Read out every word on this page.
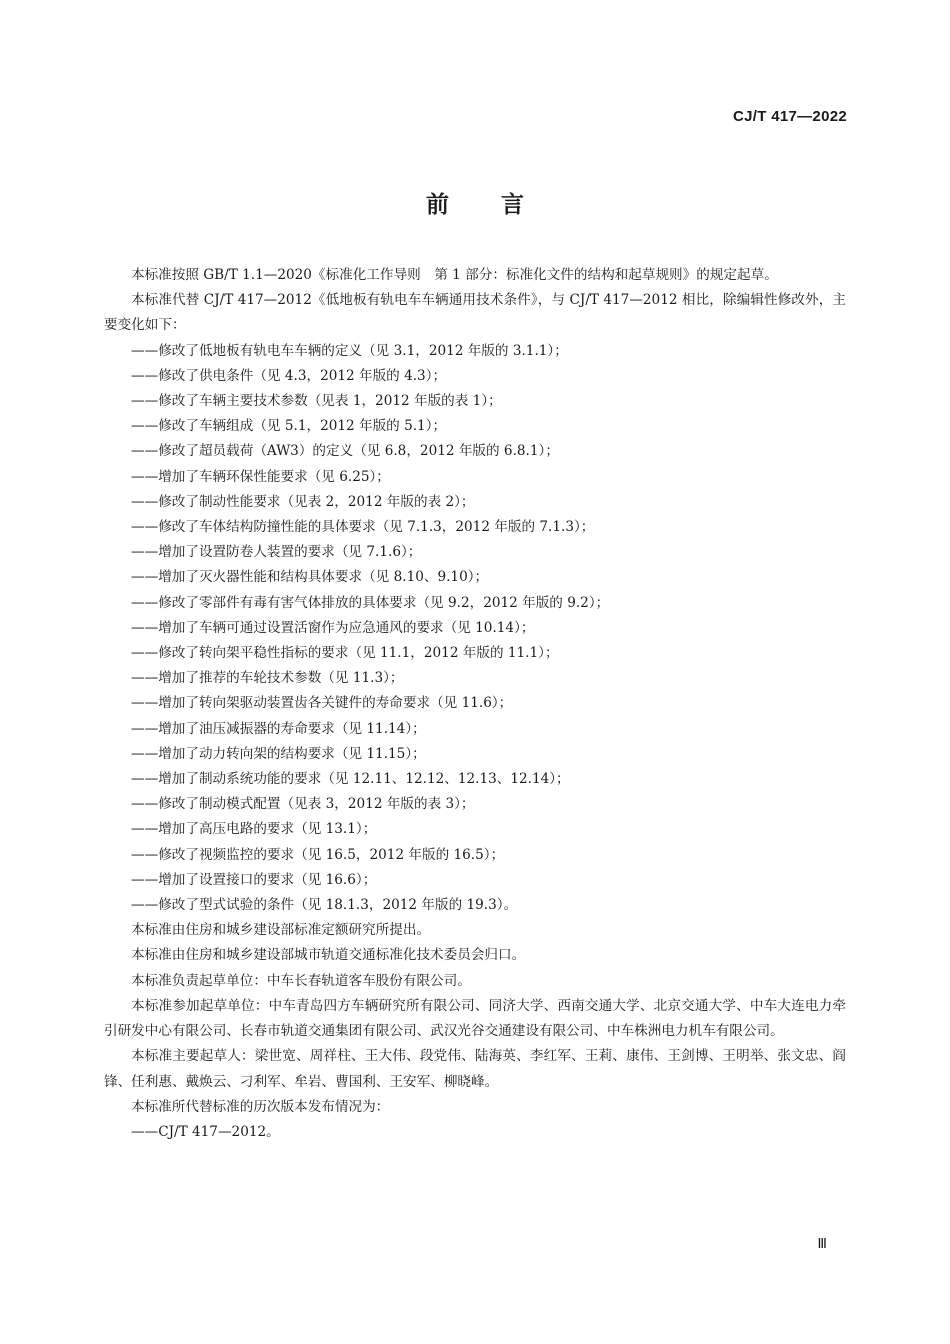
CJ/T 417—2022
前言

本标准按照 GB/T 1.1—2020《标准化工作导则　第 1 部分：标准化文件的结构和起草规则》的规定起草。

本标准代替 CJ/T 417—2012《低地板有轨电车车辆通用技术条件》，与 CJ/T 417—2012 相比，除编辑性修改外，主要变化如下：

——修改了低地板有轨电车车辆的定义（见 3.1，2012 年版的 3.1.1）；

——修改了供电条件（见 4.3，2012 年版的 4.3）；

——修改了车辆主要技术参数（见表 1，2012 年版的表 1）；

——修改了车辆组成（见 5.1，2012 年版的 5.1）；

——修改了超员载荷（AW3）的定义（见 6.8，2012 年版的 6.8.1）；

——增加了车辆环保性能要求（见 6.25）；

——修改了制动性能要求（见表 2，2012 年版的表 2）；

——修改了车体结构防撞性能的具体要求（见 7.1.3，2012 年版的 7.1.3）；

——增加了设置防卷人装置的要求（见 7.1.6）；

——增加了灭火器性能和结构具体要求（见 8.10、9.10）；

——修改了零部件有毒有害气体排放的具体要求（见 9.2，2012 年版的 9.2）；

——增加了车辆可通过设置活窗作为应急通风的要求（见 10.14）；

——修改了转向架平稳性指标的要求（见 11.1，2012 年版的 11.1）；

——增加了推荐的车轮技术参数（见 11.3）；

——增加了转向架驱动装置齿各关键件的寿命要求（见 11.6）；

——增加了油压减振器的寿命要求（见 11.14）；

——增加了动力转向架的结构要求（见 11.15）；

——增加了制动系统功能的要求（见 12.11、12.12、12.13、12.14）；

——修改了制动模式配置（见表 3，2012 年版的表 3）；

——增加了高压电路的要求（见 13.1）；

——修改了视频监控的要求（见 16.5，2012 年版的 16.5）；

——增加了设置接口的要求（见 16.6）；

——修改了型式试验的条件（见 18.1.3，2012 年版的 19.3）。

本标准由住房和城乡建设部标准定额研究所提出。

本标准由住房和城乡建设部城市轨道交通标准化技术委员会归口。

本标准负责起草单位：中车长春轨道客车股份有限公司。

本标准参加起草单位：中车青岛四方车辆研究所有限公司、同济大学、西南交通大学、北京交通大学、中车大连电力牵引研发中心有限公司、长春市轨道交通集团有限公司、武汉光谷交通建设有限公司、中车株洲电力机车有限公司。

本标准主要起草人：梁世宽、周祥柱、王大伟、段党伟、陆海英、李红军、王莉、康伟、王剑博、王明举、张文忠、阎锋、任利惠、戴焕云、刁利军、牟岩、曹国利、王安军、柳晓峰。

本标准所代替标准的历次版本发布情况为：

——CJ/T 417—2012。

Ⅲ
